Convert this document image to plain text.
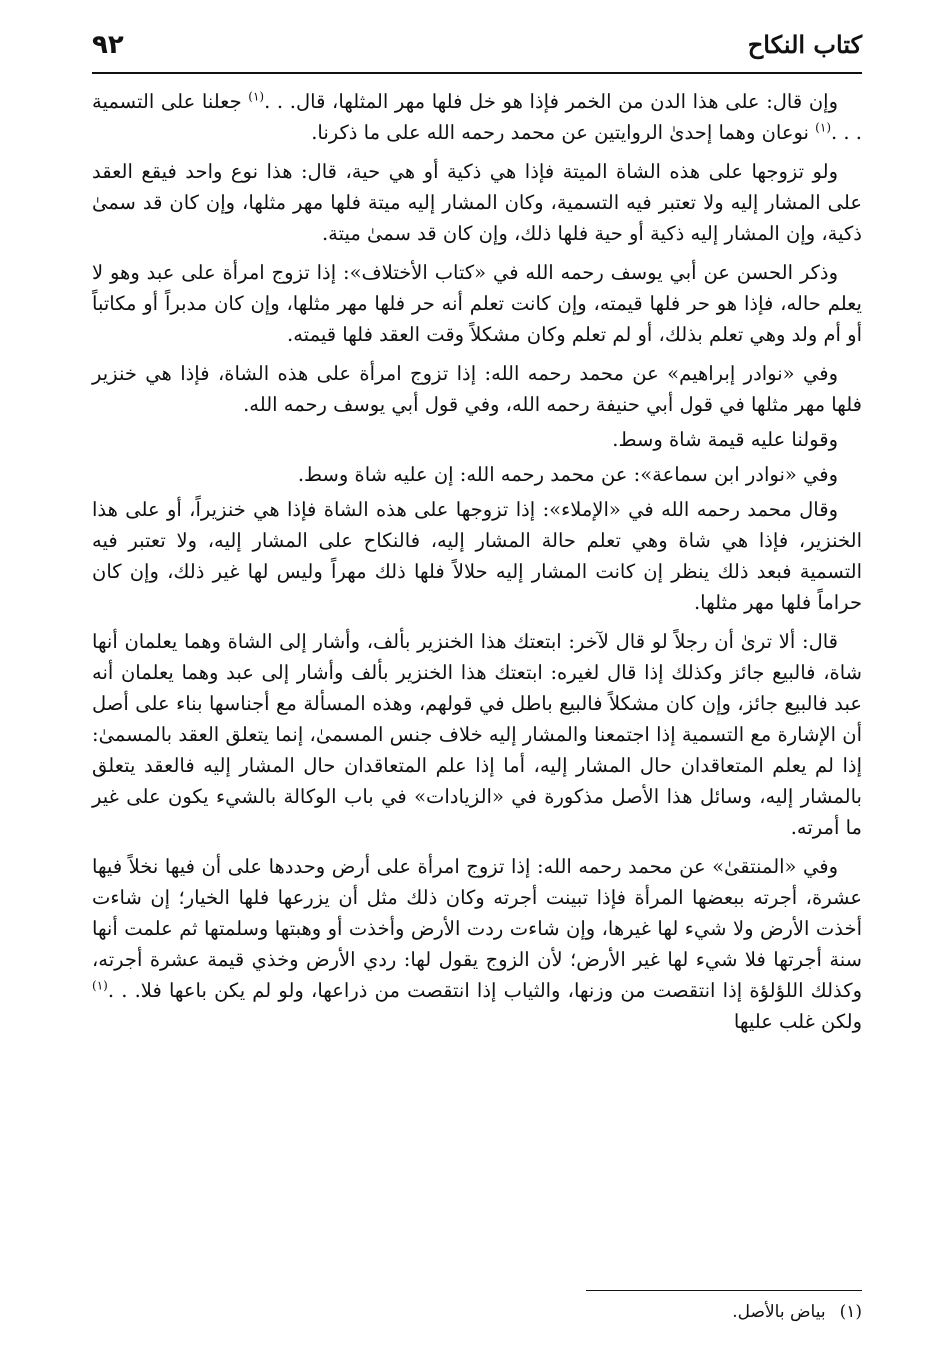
٩٢	كتاب النكاح

وإن قال: على هذا الدن من الخمر فإذا هو خل فلها مهر المثلها، قال. . .$^{(١)}$ جعلنا على التسمية . . .$^{(١)}$ نوعان وهما إحدىٰ الروايتين عن محمد رحمه الله على ما ذكرنا.

ولو تزوجها على هذه الشاة الميتة فإذا هي ذكية أو هي حية، قال: هذا نوع واحد فيقع العقد على المشار إليه ولا تعتبر فيه التسمية، وكان المشار إليه ميتة فلها مهر مثلها، وإن كان قد سمىٰ ذكية، وإن المشار إليه ذكية أو حية فلها ذلك، وإن كان قد سمىٰ ميتة.

وذكر الحسن عن أبي يوسف رحمه الله في «كتاب الأختلاف»: إذا تزوج امرأة على عبد وهو لا يعلم حاله، فإذا هو حر فلها قيمته، وإن كانت تعلم أنه حر فلها مهر مثلها، وإن كان مدبراً أو مكاتباً أو أم ولد وهي تعلم بذلك، أو لم تعلم وكان مشكلاً وقت العقد فلها قيمته.

وفي «نوادر إبراهيم» عن محمد رحمه الله: إذا تزوج امرأة على هذه الشاة، فإذا هي خنزير فلها مهر مثلها في قول أبي حنيفة رحمه الله، وفي قول أبي يوسف رحمه الله.

وقولنا عليه قيمة شاة وسط.

وفي «نوادر ابن سماعة»: عن محمد رحمه الله: إن عليه شاة وسط.

وقال محمد رحمه الله في «الإملاء»: إذا تزوجها على هذه الشاة فإذا هي خنزيراً، أو على هذا الخنزير، فإذا هي شاة وهي تعلم حالة المشار إليه، فالنكاح على المشار إليه، ولا تعتبر فيه التسمية فبعد ذلك ينظر إن كانت المشار إليه حلالاً فلها ذلك مهراً وليس لها غير ذلك، وإن كان حراماً فلها مهر مثلها.

قال: ألا ترىٰ أن رجلاً لو قال لآخر: ابتعتك هذا الخنزير بألف، وأشار إلى الشاة وهما يعلمان أنها شاة، فالبيع جائز وكذلك إذا قال لغيره: ابتعتك هذا الخنزير بألف وأشار إلى عبد وهما يعلمان أنه عبد فالبيع جائز، وإن كان مشكلاً فالبيع باطل في قولهم، وهذه المسألة مع أجناسها بناء على أصل أن الإشارة مع التسمية إذا اجتمعنا والمشار إليه خلاف جنس المسمىٰ، إنما يتعلق العقد بالمسمىٰ: إذا لم يعلم المتعاقدان حال المشار إليه، أما إذا علم المتعاقدان حال المشار إليه فالعقد يتعلق بالمشار إليه، وسائل هذا الأصل مذكورة في «الزيادات» في باب الوكالة بالشيء يكون على غير ما أمرته.

وفي «المنتقىٰ» عن محمد رحمه الله: إذا تزوج امرأة على أرض وحددها على أن فيها نخلاً فيها عشرة، أجرته ببعضها المرأة فإذا تبينت أجرته وكان ذلك مثل أن يزرعها فلها الخيار؛ إن شاءت أخذت الأرض ولا شيء لها غيرها، وإن شاءت ردت الأرض وأخذت أو وهبتها وسلمتها ثم علمت أنها سنة أجرتها فلا شيء لها غير الأرض؛ لأن الزوج يقول لها: ردي الأرض وخذي قيمة عشرة أجرته، وكذلك اللؤلؤة إذا انتقصت من وزنها، والثياب إذا انتقصت من ذراعها، ولو لم يكن باعها فلا. . .$^{(١)}$ ولكن غلب عليها

(١)بياض بالأصل.
